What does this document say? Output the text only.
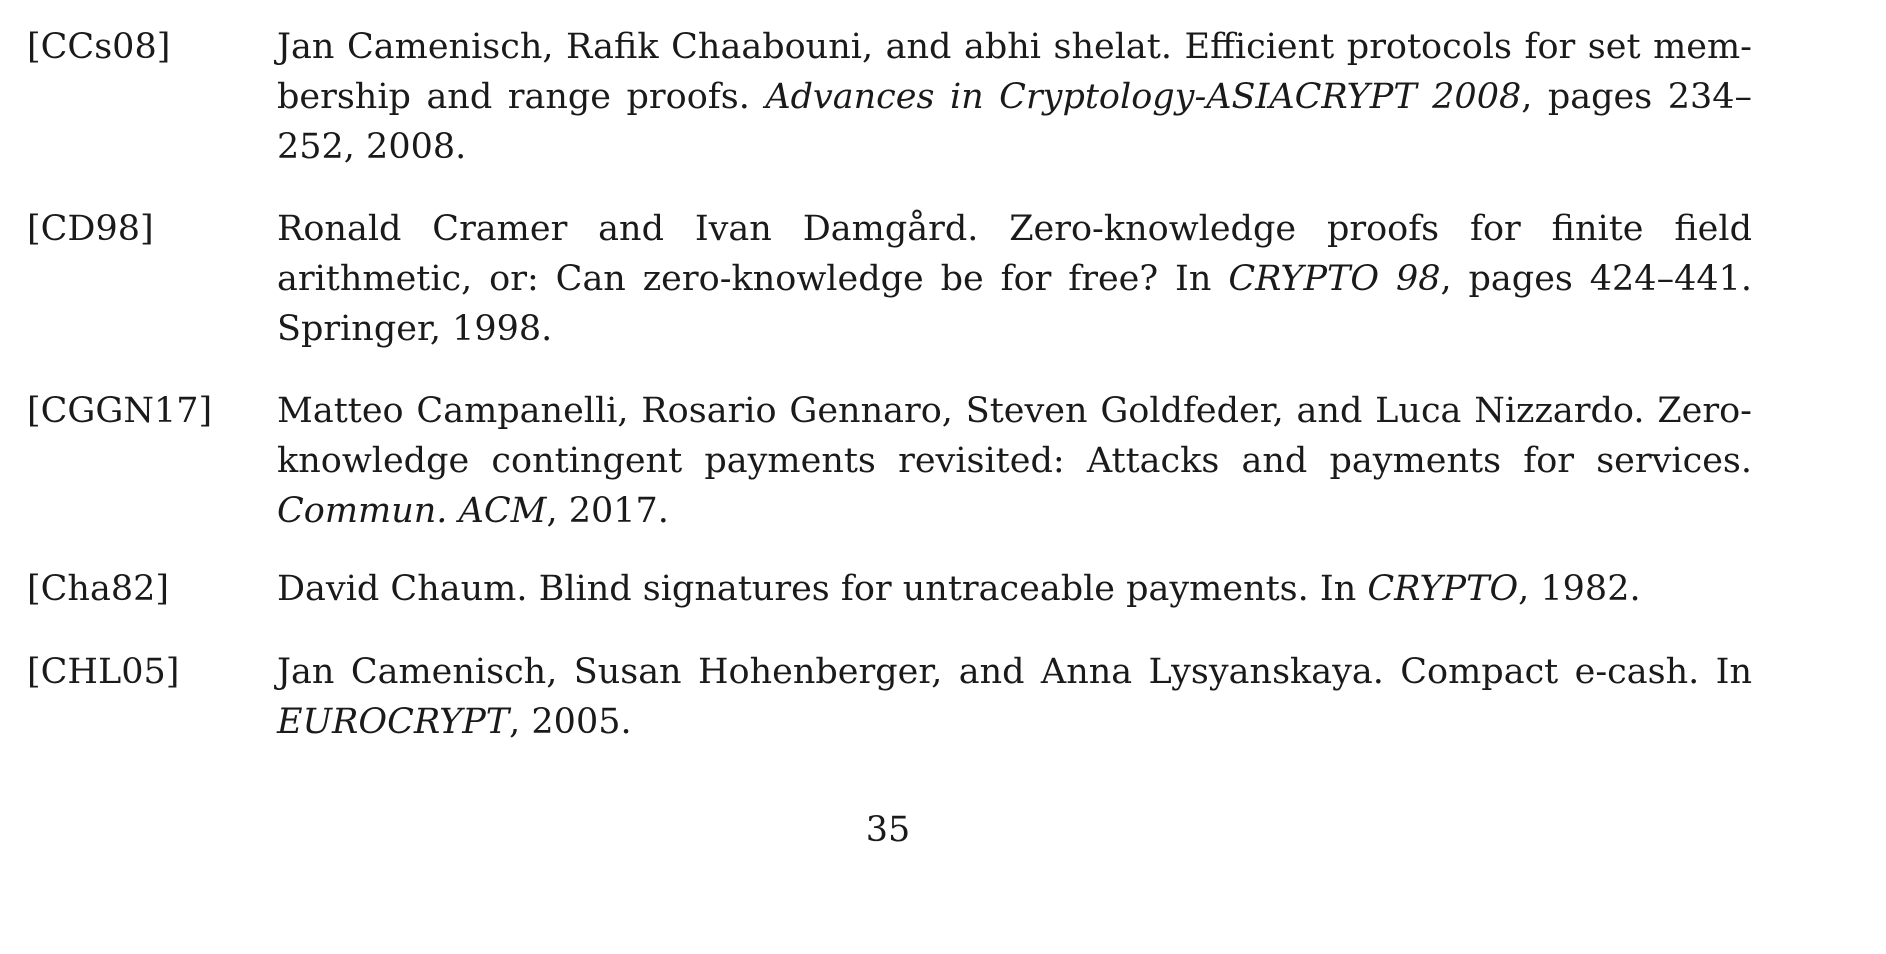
[CCs08]	Jan Camenisch, Rafik Chaabouni, and abhi shelat. Efficient protocols for set membership and range proofs. Advances in Cryptology-ASIACRYPT 2008, pages 234–252, 2008.
[CD98]	Ronald Cramer and Ivan Damgård. Zero-knowledge proofs for finite field arithmetic, or: Can zero-knowledge be for free? In CRYPTO 98, pages 424–441. Springer, 1998.
[CGGN17]	Matteo Campanelli, Rosario Gennaro, Steven Goldfeder, and Luca Nizzardo. Zero-knowledge contingent payments revisited: Attacks and payments for services. Commun. ACM, 2017.
[Cha82]	David Chaum. Blind signatures for untraceable payments. In CRYPTO, 1982.
[CHL05]	Jan Camenisch, Susan Hohenberger, and Anna Lysyanskaya. Compact e-cash. In EUROCRYPT, 2005.
35
